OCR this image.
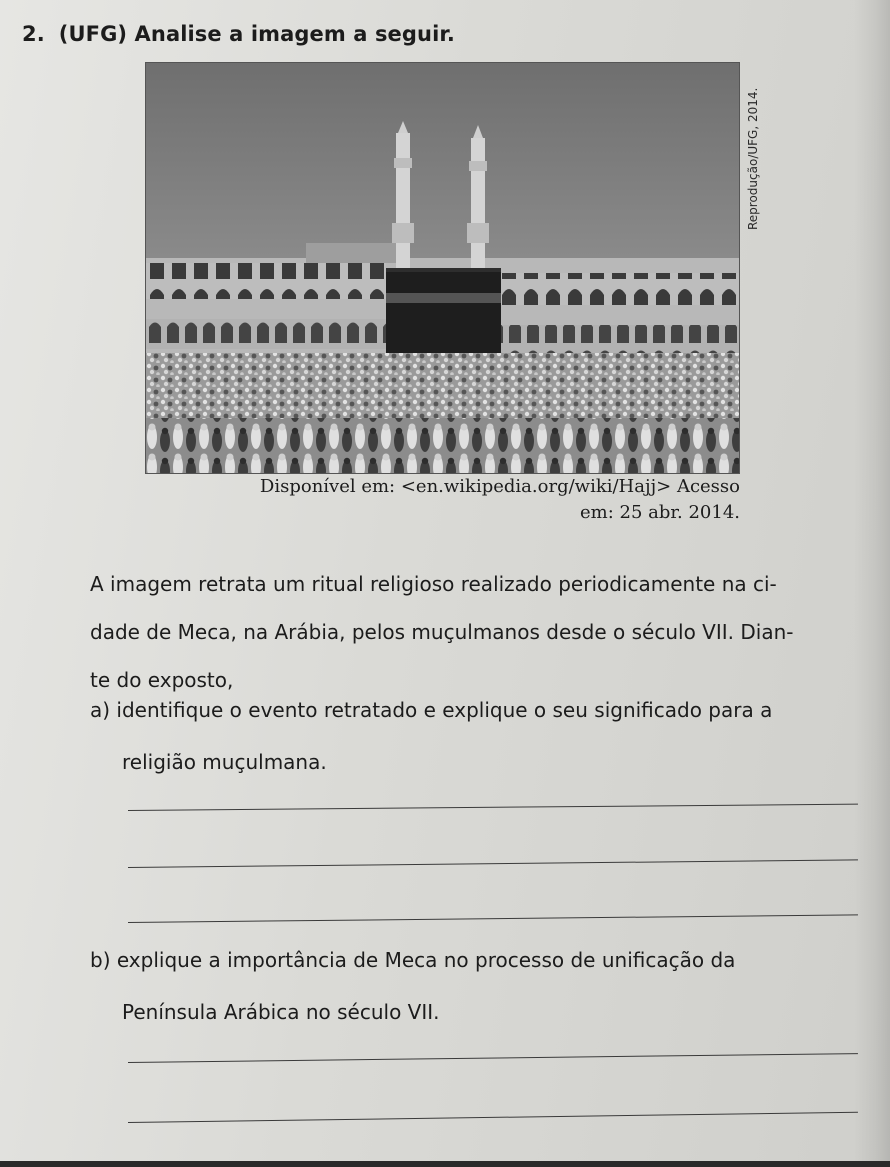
2. (UFG) Analise a imagem a seguir.
Reprodução/UFG, 2014.
Disponível em: <en.wikipedia.org/wiki/Hajj> Acesso
em: 25 abr. 2014.
A imagem retrata um ritual religioso realizado periodicamente na ci-
dade de Meca, na Arábia, pelos muçulmanos desde o século VII. Dian-
te do exposto,
a) identifique o evento retratado e explique o seu significado para a
religião muçulmana.
b) explique a importância de Meca no processo de unificação da
Península Arábica no século VII.
